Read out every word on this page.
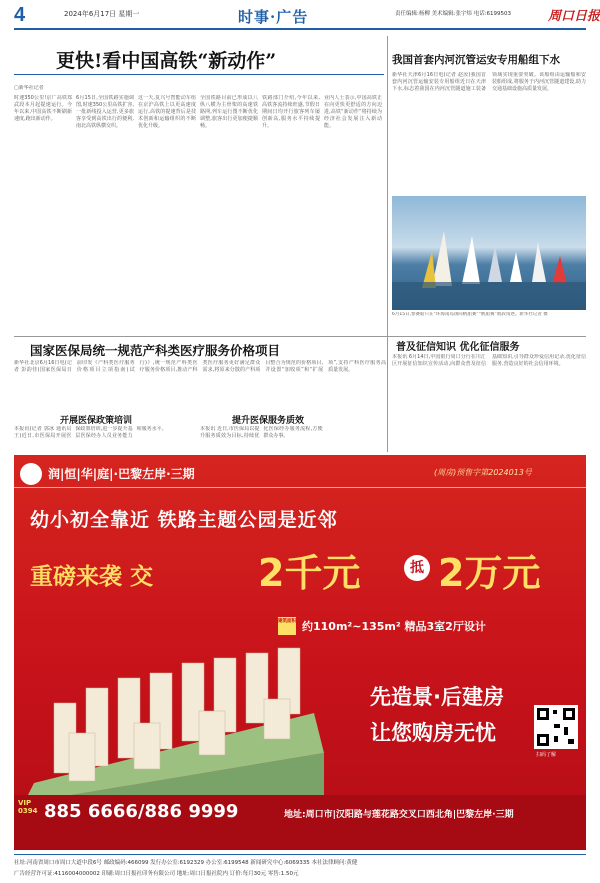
4	2024年6月17日 星期一	时事·广告	责任编辑:杨柳 美术编辑:张宇炜 电话:6199503	周口日报
更快!看中国高铁“新动作”
▢新华社记者
时速350公里!京广高铁郑武段本月起提速运行。今年以来,中国高铁不断刷新速度,跑出新动作。
6月15日,全国铁路实施调图,时速350公里高铁扩容,一批新线投入运营,更多旅客享受到高铁出行的便利,南北高铁纵横交织。
这一天,复兴号智能动车组在京沪高铁上以更高速度运行,高铁的提速背后是技术创新和运输组织的不断优化升级。
全国铁路目前已形成以八纵八横为主骨架的高速铁路网,列车运行图不断优化调整,旅客出行更加便捷顺畅。
铁路部门介绍,今年以来,高铁客流持续旺盛,节假日期间日均开行旅客列车屡创新高,服务水平持续提升。
业内人士表示,中国高铁正在向更快更舒适的方向迈进,高铁“新动作”将持续为经济社会发展注入新动能。
我国首套内河沉管运安专用船组下水
新华社天津6月16日电(记者 赵汝)我国首套内河沉管运输安装专用船组近日在天津下水,标志着我国在内河沉管隧道施工装备领域实现重要突破。该船组由运输船和安装船组成,将服务于内河沉管隧道建设,助力交通基础设施高质量发展。
6月15日,参赛船只在“环海南岛国际帆船赛”“帆船赛”航段角逐。新华社记者 摄
国家医保局统一规范产科类医疗服务价格项目
新华社北京6月16日电(记者 彭韵佳)国家医保局日前印发《产科类医疗服务价格项目立项指南(试行)》,统一规范产科类医疗服务价格项目,推动产科类医疗服务更好满足群众需求,将原来分散的产科项目整合为规范的价格项目,并设置“加收项”和“扩展项”,支持产科医疗服务高质量发展。
开展医保政策培训	提升医保服务质效
本报讯(记者 郭冰 通讯员 王)近日,市医保局开展医保政策培训,进一步提升基层医保经办人员业务能力和服务水平。	本报讯 近日,市医保局以提升服务质效为目标,持续优化医保经办服务流程,方便群众办事。
普及征信知识 优化征信服务
本报讯 6月14日,中国银行周口分行在川汇区开展征信知识宣传活动,向群众普及征信基础知识,引导群众珍爱信用记录,优化征信服务,营造良好的社会信用环境。
润|恒|华|庭|·巴黎左岸·三期	(周房)预售字第2024013号
幼小初全靠近 铁路主题公园是近邻
重磅来袭 交	2千元	抵 2万元
建筑面积 约110m²~135m² 精品3室2厅设计
先造景·后建房
让您购房无忧
扫码了解
VIP 0394 885 6666/886 9999	地址:周口市|汉阳路与莲花路交叉口西北角|巴黎左岸·三期
社址:河南省周口市周口大道中段6号 邮政编码:466099 发行办公室:6192329 办公室:6199548 新闻研究中心:6069335 本社法律顾问:黄健
广告经营许可证:4116004000002 印刷:周口日报社印务有限公司 地址:周口日报社院内 订价:每月30元 零售:1.50元
